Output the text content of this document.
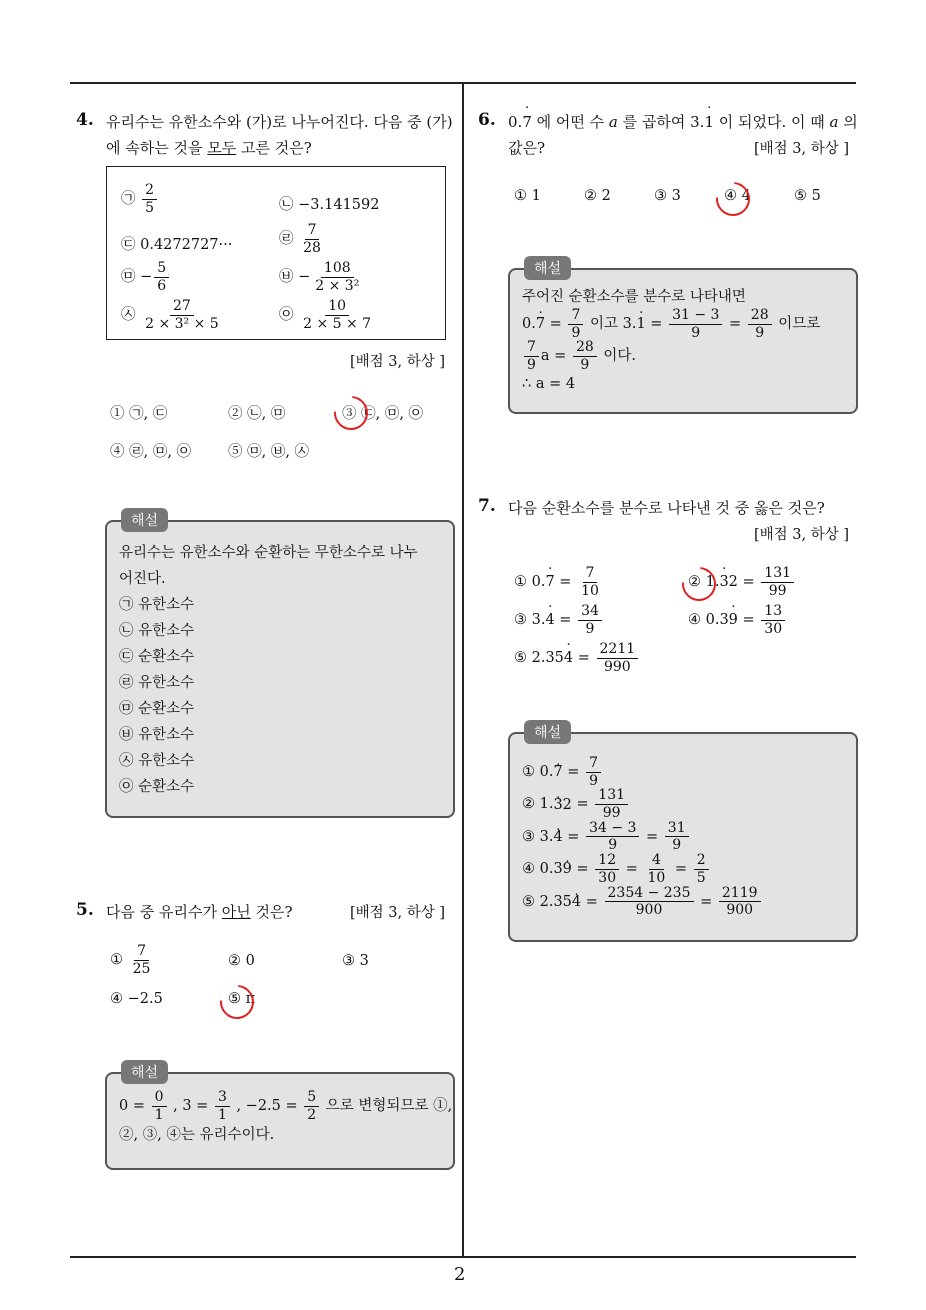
2
4. 유리수는 유한소수와 (가)로 나누어진다. 다음 중 (가)
에 속하는 것을 모두 고른 것은?
㉠ $\frac{2}{5}$	㉡ −3.141592
㉢ 0.4272727···	㉣ $\frac{7}{28}$
㉤ − $\frac{5}{6}$	㉥ − $\frac{108}{\text{2 × 3²}}$
㉦ $\frac{27}{\text{2 × 3² × 5}}$	㉧ $\frac{10}{2 \times 5 \times 7}$
[배점 3, 하상 ]
① ㉠, ㉢	② ㉡, ㉤	③ ㉢, ㉤, ㉧
④ ㉣, ㉤, ㉧	⑤ ㉤, ㉥, ㉦
해설
유리수는 유한소수와 순환하는 무한소수로 나누
어진다.
㉠ 유한소수
㉡ 유한소수
㉢ 순환소수
㉣ 유한소수
㉤ 순환소수
㉥ 유한소수
㉦ 유한소수
㉧ 순환소수
5. 다음 중 유리수가 아닌 것은?	[배점 3, 하상 ]
① $\frac{7}{25}$	② 0	③ 3
④ −2.5	⑤ π
해설
$0 = \frac{0}{1}$ , $3 = \frac{3}{1}$ , $-2.5 = \frac{5}{2}$ 으로 변형되므로 ①,
②, ③, ④는 유리수이다.
6. 0.˙ 7 에 어떤 수 a 를 곱하여 3.˙ 1 이 되었다. 이 때 a 의
값은?	[배점 3, 하상 ]
① 1	② 2	③ 3	④ 4	⑤ 5
해설
주어진 순환소수를 분수로 나타내면
0.˙ $7 = \frac{7}{9}$ 이고 3.˙ $1 = \frac{31 - 3}{9} = \frac{28}{9}$ 이므로
$\frac{7}{9}$ $a = \frac{28}{9}$ 이다.
∴ a = 4
7. 다음 순환소수를 분수로 나타낸 것 중 옳은 것은?
[배점 3, 하상 ]
① 0.˙ $7 = \frac{7}{10}$	② 1.˙ $32 = \frac{131}{99}$
③ 3.˙ $4 = \frac{34}{9}$	④ 0.3˙ $9 = \frac{13}{30}$
⑤ 2.35˙ $4 = \frac{2211}{990}$
해설
① 0.˙ $7 = \frac{7}{9}$
② 1.˙ $32 = \frac{131}{99}$
③ 3.˙ $4 = \frac{34 - 3}{9} = \frac{31}{9}$
④ 0.3˙ $9 = \frac{12}{30} = \frac{4}{10} = \frac{2}{5}$
⑤ 2.35˙ $4 = \frac{2354 - 235}{900} = \frac{2119}{900}$
